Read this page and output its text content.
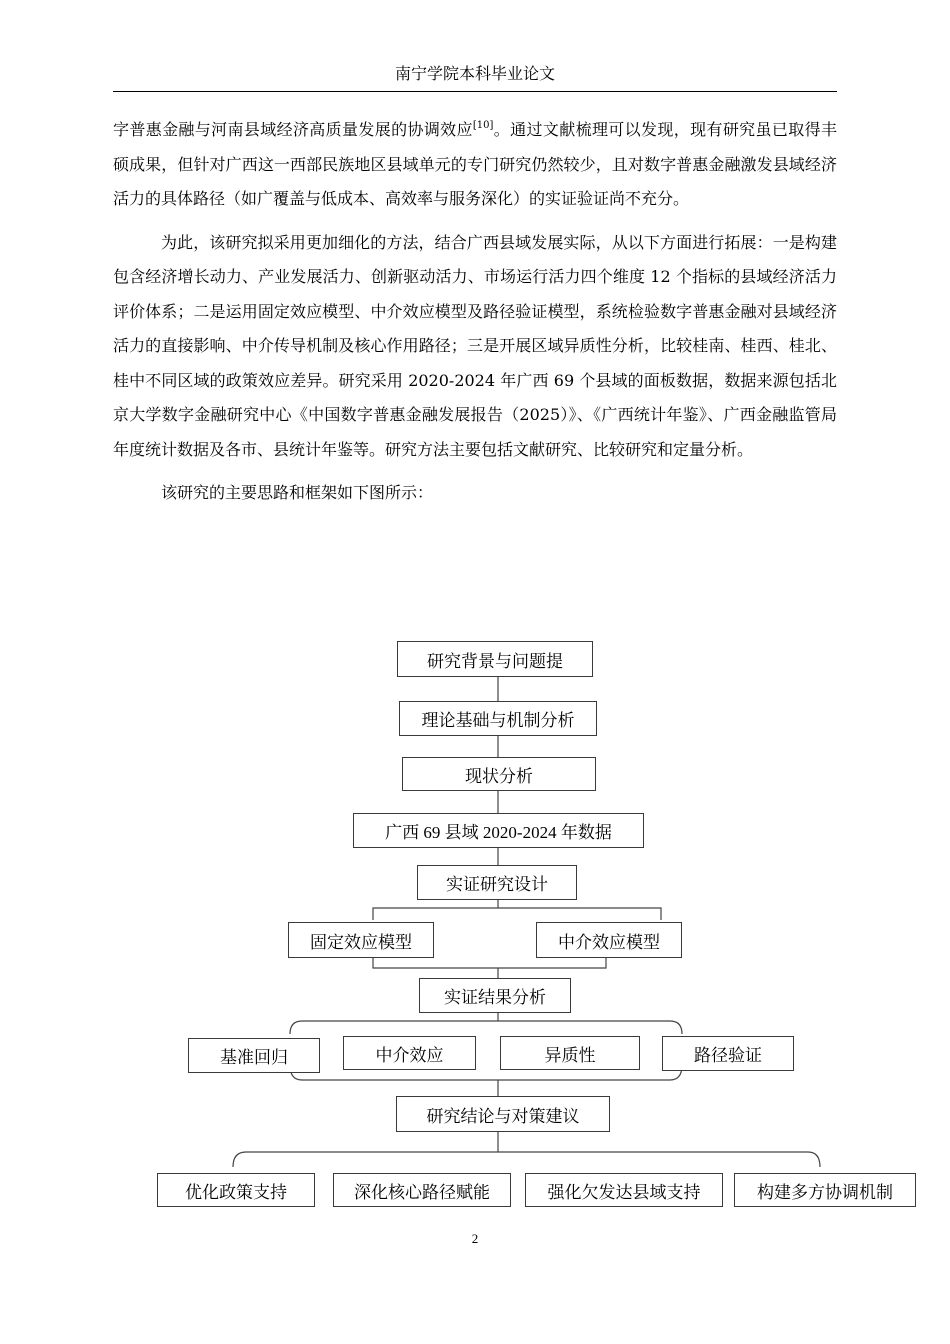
南宁学院本科毕业论文

字普惠金融与河南县域经济高质量发展的协调效应[10]。通过文献梳理可以发现，现有研究虽已取得丰硕成果，但针对广西这一西部民族地区县域单元的专门研究仍然较少，且对数字普惠金融激发县域经济活力的具体路径（如广覆盖与低成本、高效率与服务深化）的实证验证尚不充分。

为此，该研究拟采用更加细化的方法，结合广西县域发展实际，从以下方面进行拓展：一是构建包含经济增长动力、产业发展活力、创新驱动活力、市场运行活力四个维度 12 个指标的县域经济活力评价体系；二是运用固定效应模型、中介效应模型及路径验证模型，系统检验数字普惠金融对县域经济活力的直接影响、中介传导机制及核心作用路径；三是开展区域异质性分析，比较桂南、桂西、桂北、桂中不同区域的政策效应差异。研究采用 2020-2024 年广西 69 个县域的面板数据，数据来源包括北京大学数字金融研究中心《中国数字普惠金融发展报告（2025）》、《广西统计年鉴》、广西金融监管局年度统计数据及各市、县统计年鉴等。研究方法主要包括文献研究、比较研究和定量分析。

该研究的主要思路和框架如下图所示：

研究背景与问题提
理论基础与机制分析
现状分析
广西 69 县域 2020-2024 年数据
实证研究设计
固定效应模型	中介效应模型
实证结果分析
基准回归	中介效应	异质性	路径验证
研究结论与对策建议
优化政策支持	深化核心路径赋能	强化欠发达县域支持	构建多方协调机制
2
